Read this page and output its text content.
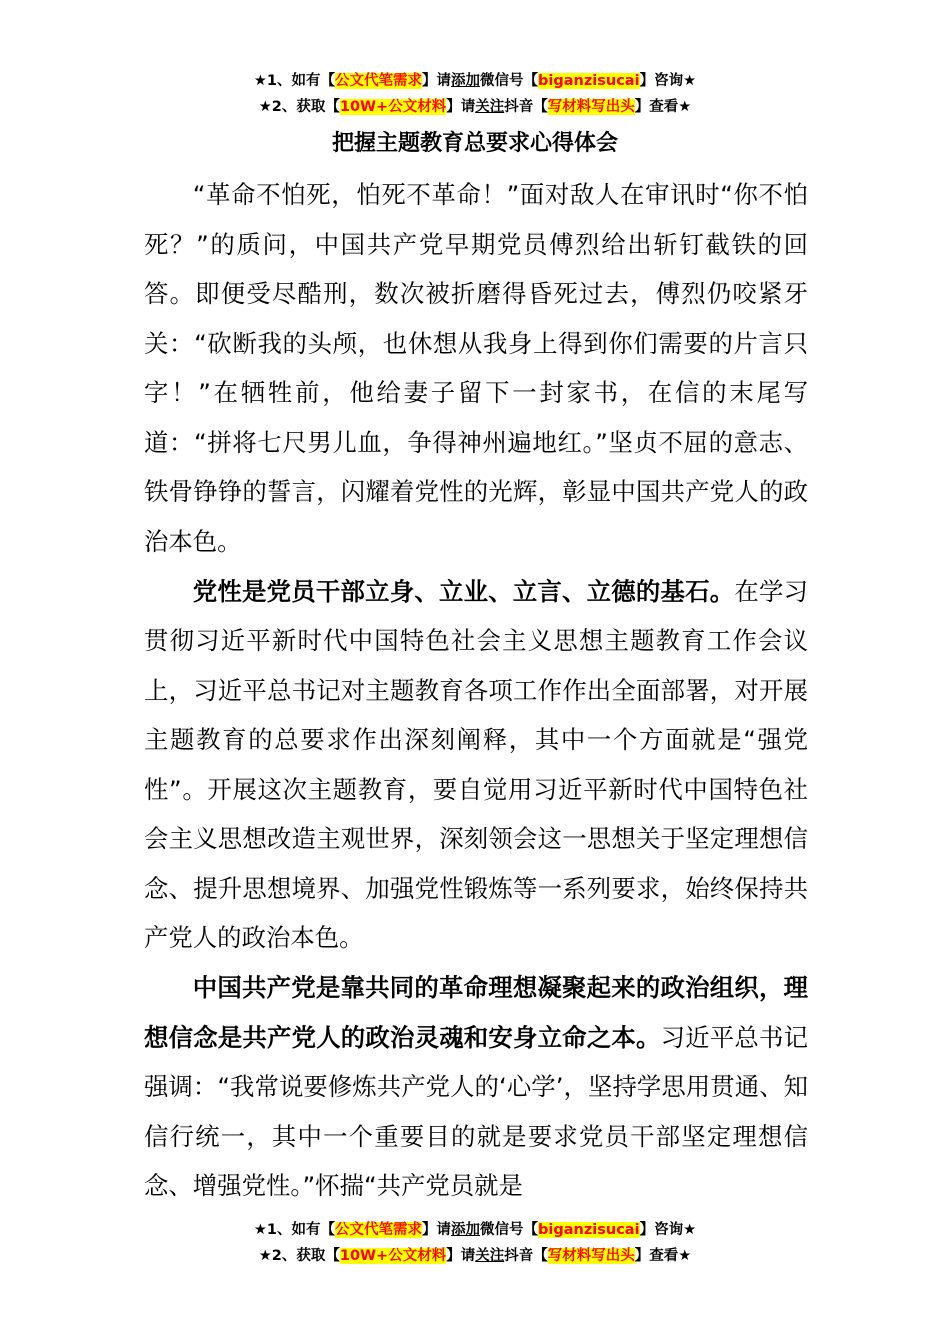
★1、如有【公文代笔需求】请添加微信号【biganzisucai】咨询★
★2、获取【10W+公文材料】请关注抖音【写材料写出头】查看★
把握主题教育总要求心得体会

“革命不怕死，怕死不革命！”面对敌人在审讯时“你不怕死？”的质问，中国共产党早期党员傅烈给出斩钉截铁的回答。即便受尽酷刑，数次被折磨得昏死过去，傅烈仍咬紧牙关：“砍断我的头颅，也休想从我身上得到你们需要的片言只字！”在牺牲前，他给妻子留下一封家书，在信的末尾写道：“拼将七尺男儿血，争得神州遍地红。”坚贞不屈的意志、铁骨铮铮的誓言，闪耀着党性的光辉，彰显中国共产党人的政治本色。

党性是党员干部立身、立业、立言、立德的基石。在学习贯彻习近平新时代中国特色社会主义思想主题教育工作会议上，习近平总书记对主题教育各项工作作出全面部署，对开展主题教育的总要求作出深刻阐释，其中一个方面就是“强党性”。开展这次主题教育，要自觉用习近平新时代中国特色社会主义思想改造主观世界，深刻领会这一思想关于坚定理想信念、提升思想境界、加强党性锻炼等一系列要求，始终保持共产党人的政治本色。

中国共产党是靠共同的革命理想凝聚起来的政治组织，理想信念是共产党人的政治灵魂和安身立命之本。习近平总书记强调：“我常说要修炼共产党人的‘心学’，坚持学思用贯通、知信行统一，其中一个重要目的就是要求党员干部坚定理想信念、增强党性。”怀揣“共产党员就是

★1、如有【公文代笔需求】请添加微信号【biganzisucai】咨询★
★2、获取【10W+公文材料】请关注抖音【写材料写出头】查看★
